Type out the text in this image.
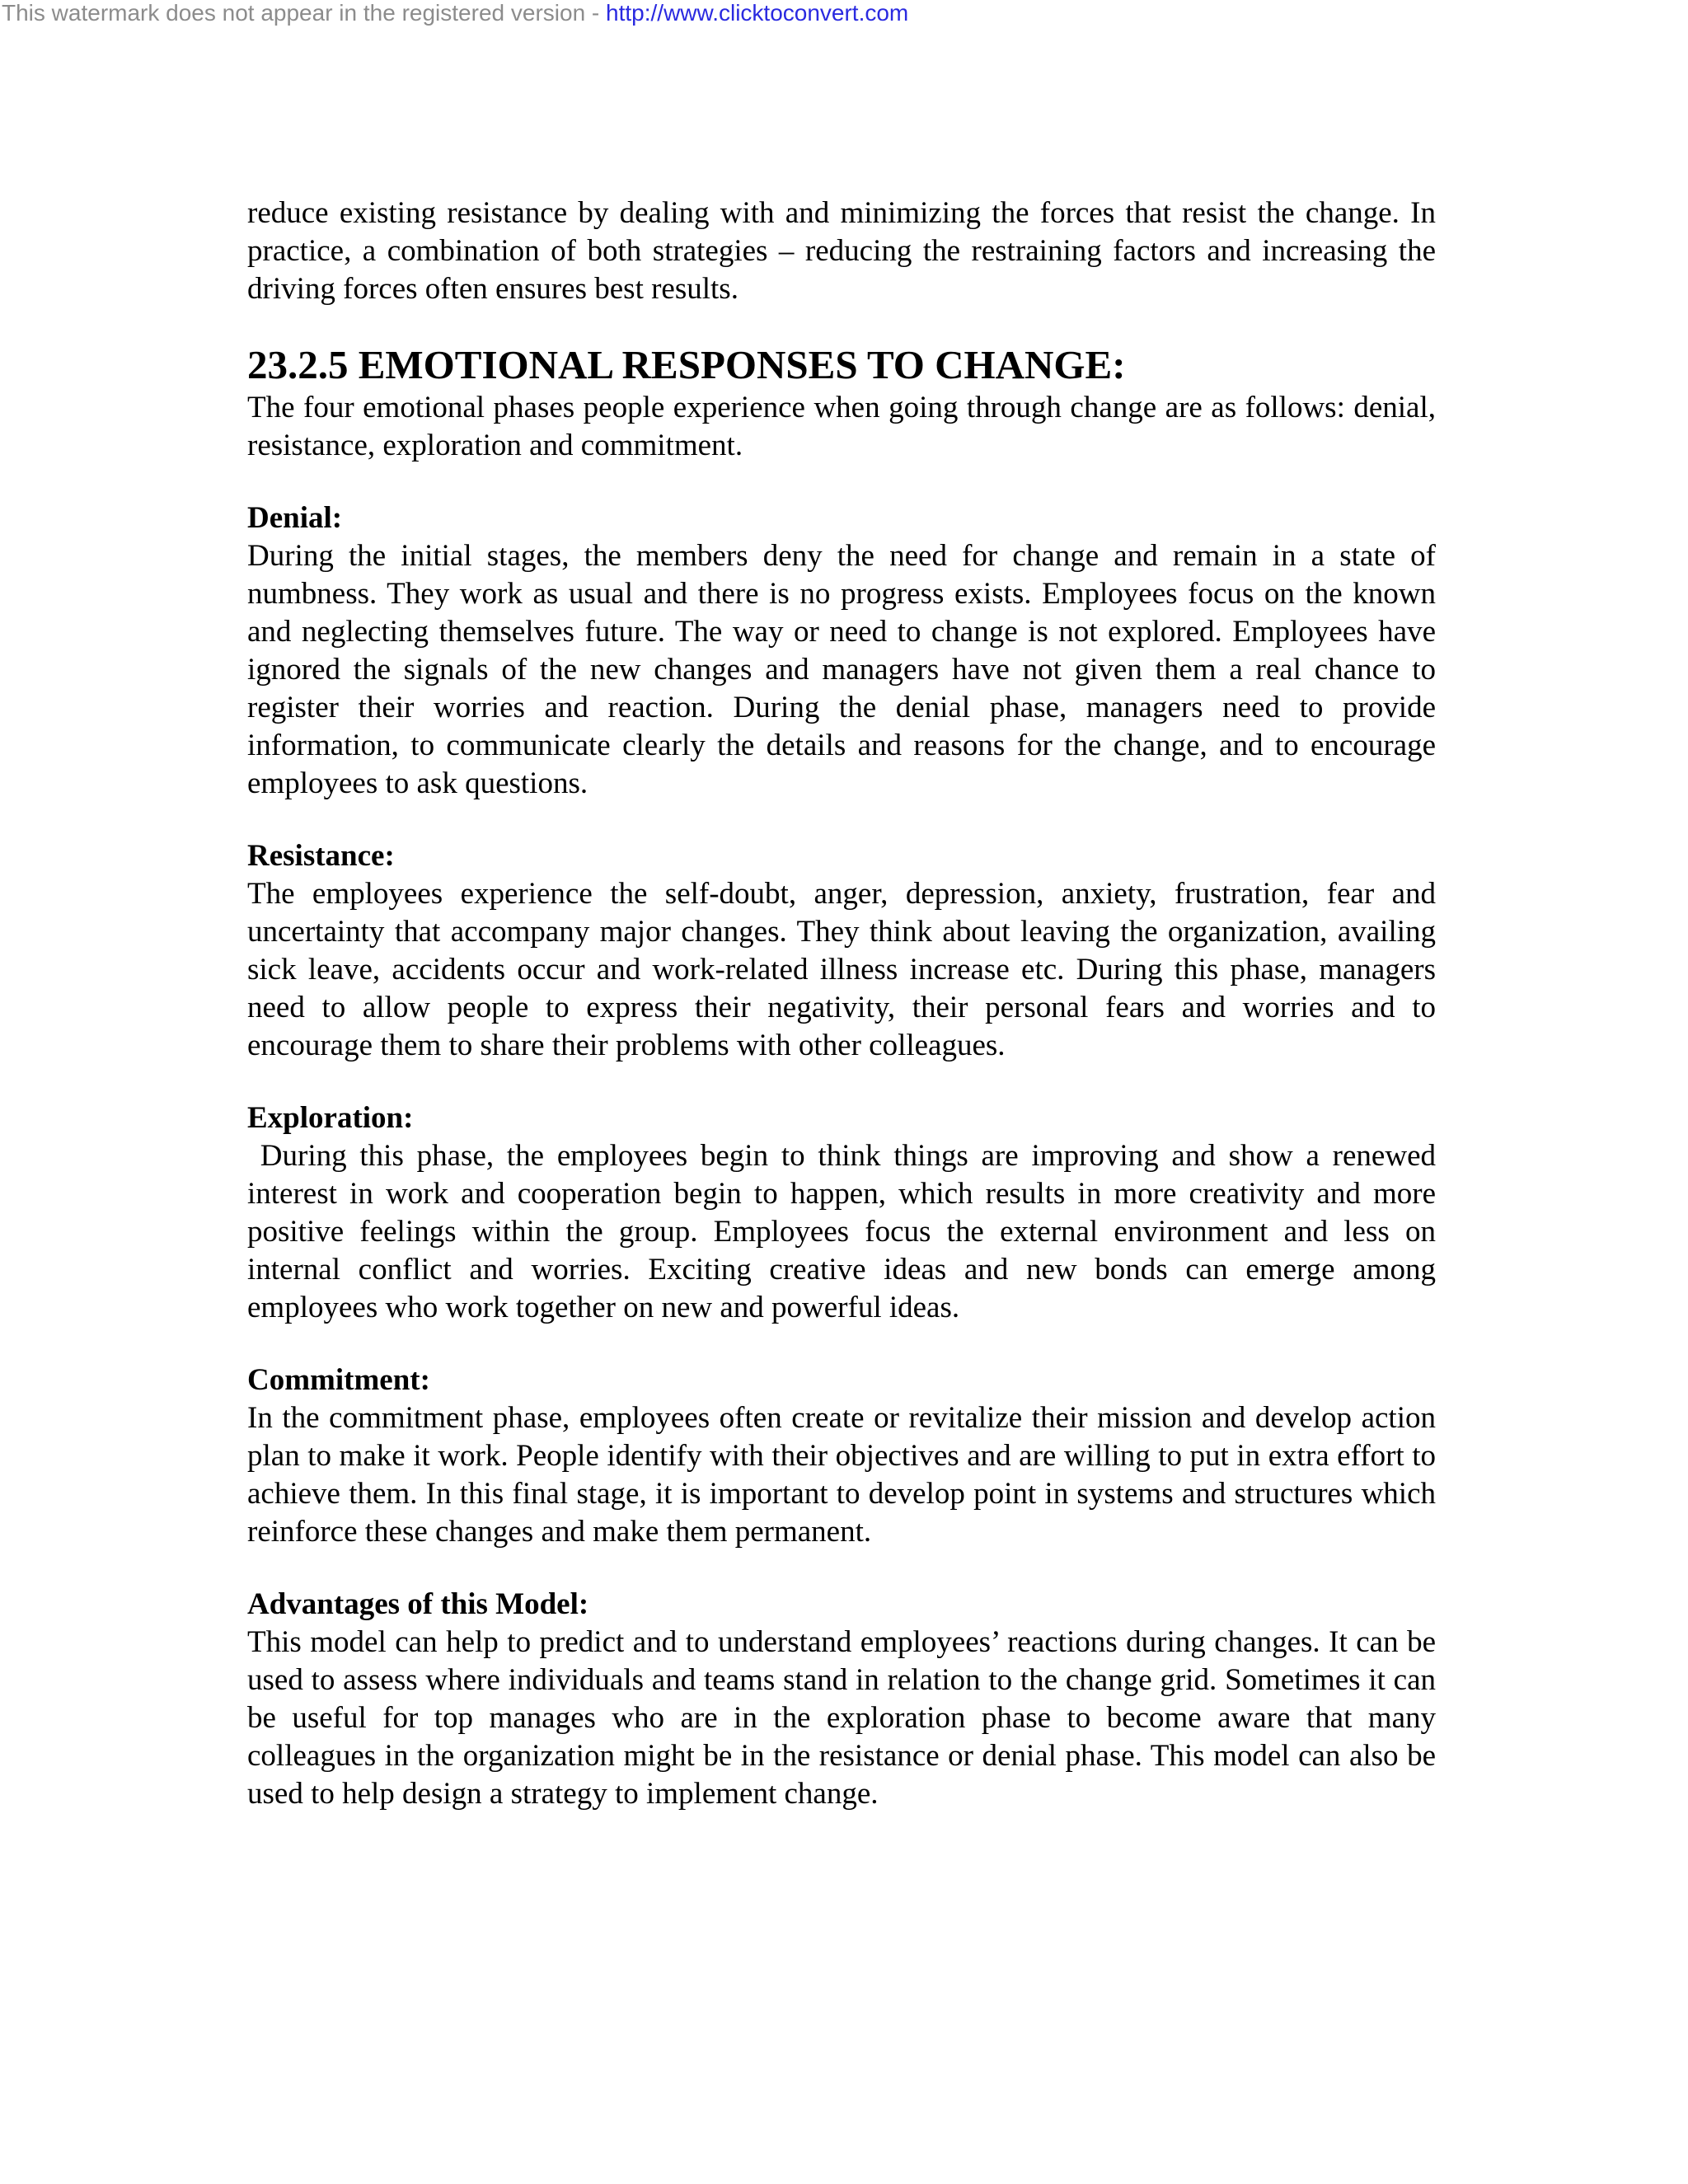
This watermark does not appear in the registered version - http://www.clicktoconvert.com

reduce existing resistance by dealing with and minimizing the forces that resist the change. In practice, a combination of both strategies – reducing the restraining factors and increasing the driving forces often ensures best results.

23.2.5 EMOTIONAL RESPONSES TO CHANGE:

The four emotional phases people experience when going through change are as follows: denial, resistance, exploration and commitment.

Denial:

During the initial stages, the members deny the need for change and remain in a state of numbness. They work as usual and there is no progress exists. Employees focus on the known and neglecting themselves future. The way or need to change is not explored. Employees have ignored the signals of the new changes and managers have not given them a real chance to register their worries and reaction. During the denial phase, managers need to provide information, to communicate clearly the details and reasons for the change, and to encourage employees to ask questions.

Resistance:

The employees experience the self-doubt, anger, depression, anxiety, frustration, fear and uncertainty that accompany major changes. They think about leaving the organization, availing sick leave, accidents occur and work-related illness increase etc. During this phase, managers need to allow people to express their negativity, their personal fears and worries and to encourage them to share their problems with other colleagues.

Exploration:

During this phase, the employees begin to think things are improving and show a renewed interest in work and cooperation begin to happen, which results in more creativity and more positive feelings within the group. Employees focus the external environment and less on internal conflict and worries. Exciting creative ideas and new bonds can emerge among employees who work together on new and powerful ideas.

Commitment:

In the commitment phase, employees often create or revitalize their mission and develop action plan to make it work. People identify with their objectives and are willing to put in extra effort to achieve them. In this final stage, it is important to develop point in systems and structures which reinforce these changes and make them permanent.

Advantages of this Model:

This model can help to predict and to understand employees’ reactions during changes. It can be used to assess where individuals and teams stand in relation to the change grid. Sometimes it can be useful for top manages who are in the exploration phase to become aware that many colleagues in the organization might be in the resistance or denial phase. This model can also be used to help design a strategy to implement change.
